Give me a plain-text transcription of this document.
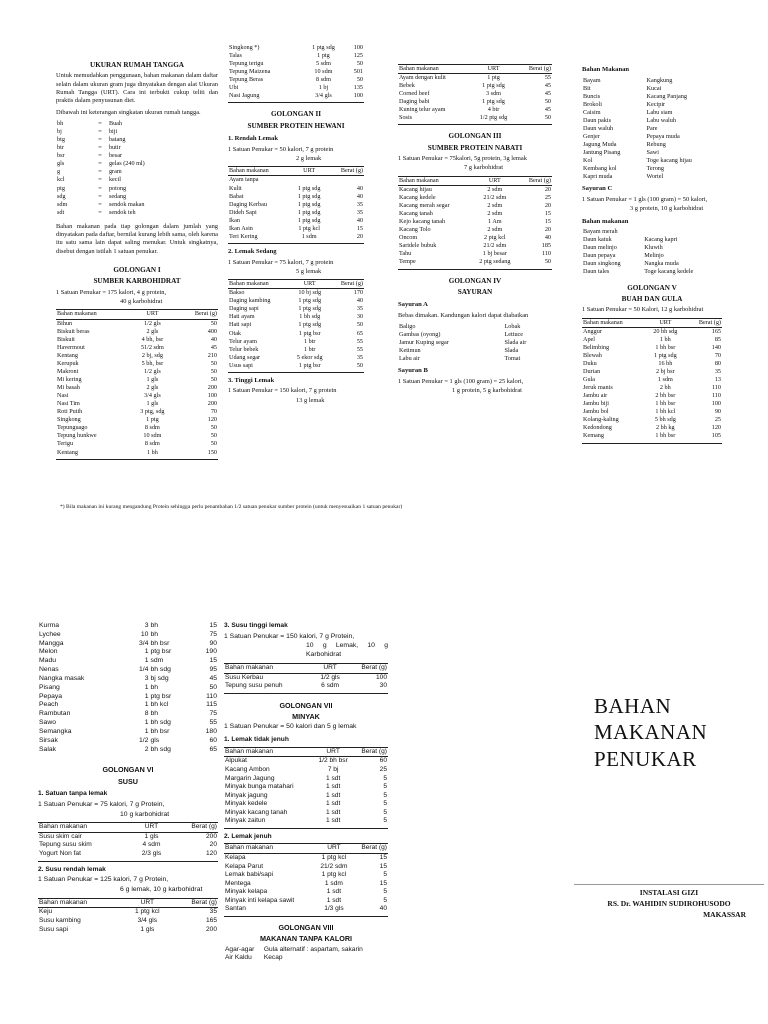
UKURAN RUMAH TANGGA
Untuk memudahkan penggunaan, bahan makanan dalam daftar selain dalam ukuran gram juga dinyatakan dengan alat Ukuran Rumah Tangga (URT). Cara ini terbukti cukup teliti dan praktis dalam penyusunan diet.
Dibawah ini keterangan singkatan ukuran rumah tangga.
bh	=	Buah
bj	=	biji
btg	=	batang
btr	=	butir
bsr	=	besar
gls	=	gelas (240 ml)
g	=	gram
kcl	=	kecil
ptg	=	potong
sdg	=	sedang
sdm	=	sendok makan
sdt	=	sendok teh
Bahan makanan pada tiap golongan dalam jumlah yang dinyatakan pada daftar, bernilai kurang lebih sama, oleh karena itu satu sama lain dapat saling menukar. Untuk singkatnya, disebut dengan istilah 1 satuan penukar.
GOLONGAN I
SUMBER KARBOHIDRAT
1 Satuan Penukar = 175 kalori, 4 g protein,
40 g karbohidrat
Bahan makanan	URT	Berat (g)
Bihun	1/2 gls	50
Biskuit beras	2 gls	400
Biskuit	4 bh, bsr	40
Havermout	51/2 sdm	45
Kentang	2 bj, sdg	210
Kerupuk	5 bh, bsr	50
Makroni	1/2 gls	50
Mi kering	1 gls	50
Mi basah	2 gls	200
Nasi	3/4 gls	100
Nasi Tim	1 gls	200
Roti Putih	3 ptg, sdg	70
Singkong	1 ptg	120
Tepunguago	8 sdm	50
Tepung hunkwe	10 sdm	50
Terigu	8 sdm	50
Kentang	1 bh	150

Singkong *)	1 ptg sdg	100
Talas	1 ptg	125
Tepung terigu	5 sdm	50
Tepung Maizena	10 sdm	501
Tepung Beras	8 sdm	50
Ubi	1 bj	135
Nasi Jagung	3/4 gls	100

GOLONGAN II
SUMBER PROTEIN HEWANI
1. Rendah Lemak
1 Satuan Penukar = 50 kalori, 7 g protein
2 g lemak
Bahan makanan	URT	Berat (g)
Ayam tanpa		
Kulit	1 ptg sdg	40
Babat	1 ptg sdg	40
Daging Kerbau	1 ptg sdg	35
Dideh Sapi	1 ptg sdg	35
Ikan	1 ptg sdg	40
Ikan Asin	1 ptg kcl	15
Teri Kering	1 sdm	20

2. Lemak Sedang
1 Satuan Penukar = 75 kalori, 7 g protein
5 g lemak
Bahan makanan	URT	Berat (g)
Bakso	10 bj sdg	170
Daging kambing	1 ptg sdg	40
Daging sapi	1 ptg sdg	35
Hati ayam	1 bh sdg	30
Hati sapi	1 ptg sdg	50
Otak	1 ptg bsr	65
Telur ayam	1 btr	55
Telur bebek	1 btr	55
Udang segar	5 ekor sdg	35
Usus sapi	1 ptg bsr	50

3. Tinggi Lemak
1 Satuan Penukar = 150 kalori, 7 g protein
13 g lemak
Bahan makanan	URT	Berat (g)
Ayam dengan kulit	1 ptg	55
Bebek	1 ptg sdg	45
Corned beef	3 sdm	45
Daging babi	1 ptg sdg	50
Kuning telur ayam	4 btr	45
Sosis	1/2 ptg sdg	50

GOLONGAN III
SUMBER PROTEIN NABATI
1 Satuan Penukar = 75kalori, 5g protein, 3g lemak
7 g karbohidrat
Bahan makanan	URT	Berat (g)
Kacang hijau	2 sdm	20
Kacang kedele	21/2 sdm	25
Kacang merah segar	2 sdm	20
Kacang tanah	2 sdm	15
Kejo kacang tanah	1 Am	15
Kacang Tolo	2 sdm	20
Oncom	2 ptg kcl	40
Saridele bubuk	21/2 sdm	185
Tahu	1 bj besar	110
Tempe	2 ptg sedang	50

GOLONGAN IV
SAYURAN
Sayuran A
Bebas dimakan. Kandungan kalori dapat diabaikan
Baligo	Lobak
Gambas (oyong)	Lettuce
Jamur Kuping segar	Slada air
Ketimun	Slada
Labu air	Tomat
Sayuran B
1 Satuan Penukar = 1 gls (100 gram) = 25 kalori,
1 g protein, 5 g karbohidrat
Bahan Makanan
Bayam	Kangkung
Bit	Kucai
Buncis	Kacang Panjang
Brokoli	Kecipir
Caisim	Labu siam
Daun pakis	Labu waluh
Daun waluh	Pare
Genjer	Pepaya muda
Jagung Muda	Rebung
Jantung Pisang	Sawi
Kol	Toge kacang hijau
Kembang kol	Terong
Kapri muda	Wortel
Sayuran C
1 Satuan Penukar = 1 gls (100 gram) = 50 kalori,
3 g protein, 10 g karbohidrat
Bahan makanan
Bayam merah	
Daun katuk	Kacang kapri
Daun melinjo	Kluwih
Daun pepaya	Melinjo
Daun singkong	Nangka muda
Daun tales	Toge kacang kedele
GOLONGAN V
BUAH DAN GULA
1 Satuan Penukar = 50 Kalori, 12 g karbohidrat
Bahan makanan	URT	Berat (g)
Anggur	20 bh sdg	165
Apel	1 bh	85
Belimbing	1 bh bsr	140
Blewah	1 ptg sdg	70
Duku	16 bh	80
Durian	2 bj bsr	35
Gula	1 sdm	13
Jeruk manis	2 bh	110
Jambu air	2 bh bsr	110
Jambu biji	1 bh bsr	100
Jambu bol	1 bh kcl	90
Kolang-kaling	5 bh sdg	25
Kedondong	2 bh kg	120
Kemang	1 bh bsr	105

*) Bila makanan ini kurang mengandung Protein sehingga perlu penambahan 1/2 satuan penukar sumber protein (untuk menyesuaikan 1 satuan penukar)
Kurma	3	bh	15
Lychee	10	bh	75
Mangga	3/4	bh bsr	90
Melon	1	ptg bsr	190
Madu	1	sdm	15
Nenas	1/4	bh sdg	95
Nangka masak	3	bj sdg	45
Pisang	1	bh	50
Pepaya	1	ptg bsr	110
Peach	1	bh kcl	115
Rambutan	8	bh	75
Sawo	1	bh sdg	55
Semangka	1	bh bsr	180
Sirsak	1/2	gls	60
Salak	2	bh sdg	65
GOLONGAN VI
SUSU
1. Satuan tanpa lemak
1 Satuan Penukar = 75 kalori, 7 g Protein,
10 g karbohidrat
Bahan makanan	URT	Berat (g)
Susu skim cair	1 gls	200
Tepung susu skim	4 sdm	20
Yogurt Non fat	2/3 gls	120

2. Susu rendah lemak
1 Satuan Penukar = 125 kalori, 7 g Protein,
6 g lemak, 10 g karbohidrat
Bahan makanan	URT	Berat (g)
Keju	1 ptg kcl	35
Susu kambing	3/4 gls	165
Susu sapi	1 gls	200
3. Susu tinggi lemak
1 Satuan Penukar = 150 kalori, 7 g Protein,
10 g Lemak, 10 g Karbohidrat
Bahan makanan	URT	Berat (g)
Susu Kerbau	1/2 gls	100
Tepung susu penuh	6 sdm	30

GOLONGAN VII
MINYAK
1 Satuan Penukar = 50 kalori dan 5 g lemak
1. Lemak tidak jenuh
Bahan makanan	URT	Berat (g)
Alpukat	1/2 bh bsr	60
Kacang Ambon	7 bj	25
Margarin Jagung	1 sdt	5
Minyak bunga matahari	1 sdt	5
Minyak jagung	1 sdt	5
Minyak kedele	1 sdt	5
Minyak kacang tanah	1 sdt	5
Minyak zaitun	1 sdt	5

2. Lemak jenuh
Bahan makanan	URT	Berat (g)
Kelapa	1 ptg kcl	15
Kelapa Parut	21/2 sdm	15
Lemak babi/sapi	1 ptg kcl	5
Mentega	1 sdm	15
Minyak kelapa	1 sdt	5
Minyak inti kelapa sawit	1 sdt	5
Santan	1/3 gls	40

GOLONGAN VIII
MAKANAN TANPA KALORI
Agar-agar	Gula alternatif : aspartam, sakarin
Air Kaldu	Kecap
BAHAN
MAKANAN
PENUKAR
INSTALASI GIZI
RS. Dr. WAHIDIN SUDIROHUSODO
MAKASSAR
